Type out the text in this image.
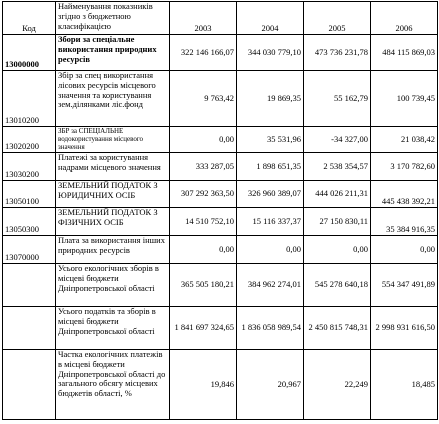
Код	Найменування показників згідно з бюджетною класифікацією	2003	2004	2005	2006
13000000	Збори за спеціальне використання природних ресурсів	322 146 166,07	344 030 779,10	473 736 231,78	484 115 869,03
13010200	Збір за спец використання лісових ресурсів місцевого значення та користування зем.ділянками ліс.фонд	9 763,42	19 869,35	55 162,79	100 739,45
13020200	ЗБР за СПЕЦІАЛЬНЕ водокористування місцевого значення	0,00	35 531,96	-34 327,00	21 038,42
13030200	Платежі за користування надрами місцевого значення	333 287,05	1 898 651,35	2 538 354,57	3 170 782,60
13050100	ЗЕМЕЛЬНИЙ ПОДАТОК З ЮРИДИЧНИХ ОСІБ	307 292 363,50	326 960 389,07	444 026 211,31	445 438 392,21
13050300	ЗЕМЕЛЬНИЙ ПОДАТОК З ФІЗИЧНИХ ОСІБ	14 510 752,10	15 116 337,37	27 150 830,11	35 384 916,35
13070000	Плата за використання інших природних ресурсів	0,00	0,00	0,00	0,00
	Усього екологічних зборів в місцеві бюджети Дніпропетровської області	365 505 180,21	384 962 274,01	545 278 640,18	554 347 491,89
	Усього податків та зборів в місцеві бюджети Дніпропетровської області	1 841 697 324,65	1 836 058 989,54	2 450 815 748,31	2 998 931 616,50
	Частка екологічних платежів в місцеві бюджети Дніпропетровської області до загального обсягу місцевих бюджетів області, %	19,846	20,967	22,249	18,485
